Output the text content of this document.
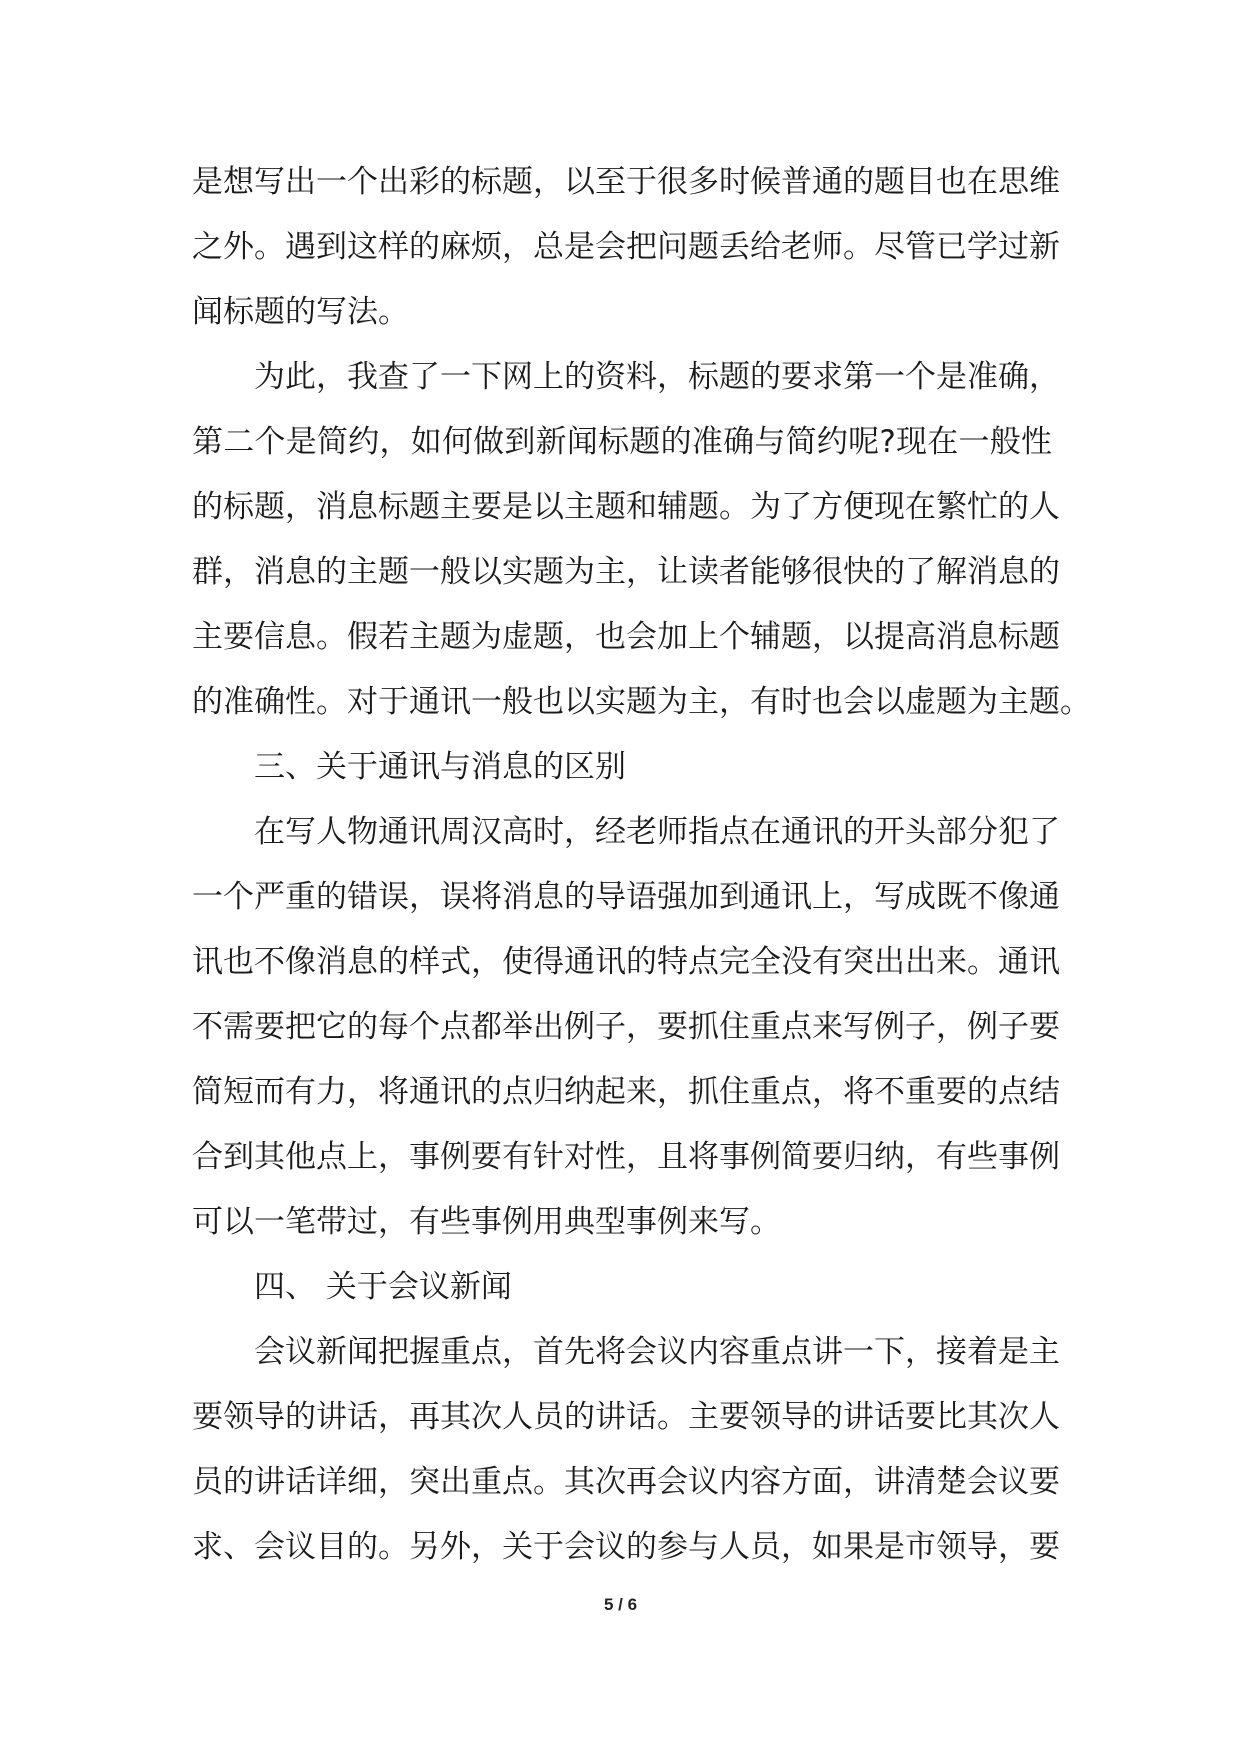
是想写出一个出彩的标题，以至于很多时候普通的题目也在思维
之外。遇到这样的麻烦，总是会把问题丢给老师。尽管已学过新
闻标题的写法。
为此，我查了一下网上的资料，标题的要求第一个是准确，
第二个是简约，如何做到新闻标题的准确与简约呢?现在一般性
的标题，消息标题主要是以主题和辅题。为了方便现在繁忙的人
群，消息的主题一般以实题为主，让读者能够很快的了解消息的
主要信息。假若主题为虚题，也会加上个辅题，以提高消息标题
的准确性。对于通讯一般也以实题为主，有时也会以虚题为主题。
三、关于通讯与消息的区别
在写人物通讯周汉高时，经老师指点在通讯的开头部分犯了
一个严重的错误，误将消息的导语强加到通讯上，写成既不像通
讯也不像消息的样式，使得通讯的特点完全没有突出出来。通讯
不需要把它的每个点都举出例子，要抓住重点来写例子，例子要
简短而有力，将通讯的点归纳起来，抓住重点，将不重要的点结
合到其他点上，事例要有针对性，且将事例简要归纳，有些事例
可以一笔带过，有些事例用典型事例来写。
四、 关于会议新闻
会议新闻把握重点，首先将会议内容重点讲一下，接着是主
要领导的讲话，再其次人员的讲话。主要领导的讲话要比其次人
员的讲话详细，突出重点。其次再会议内容方面，讲清楚会议要
求、会议目的。另外，关于会议的参与人员，如果是市领导，要
5 / 6
